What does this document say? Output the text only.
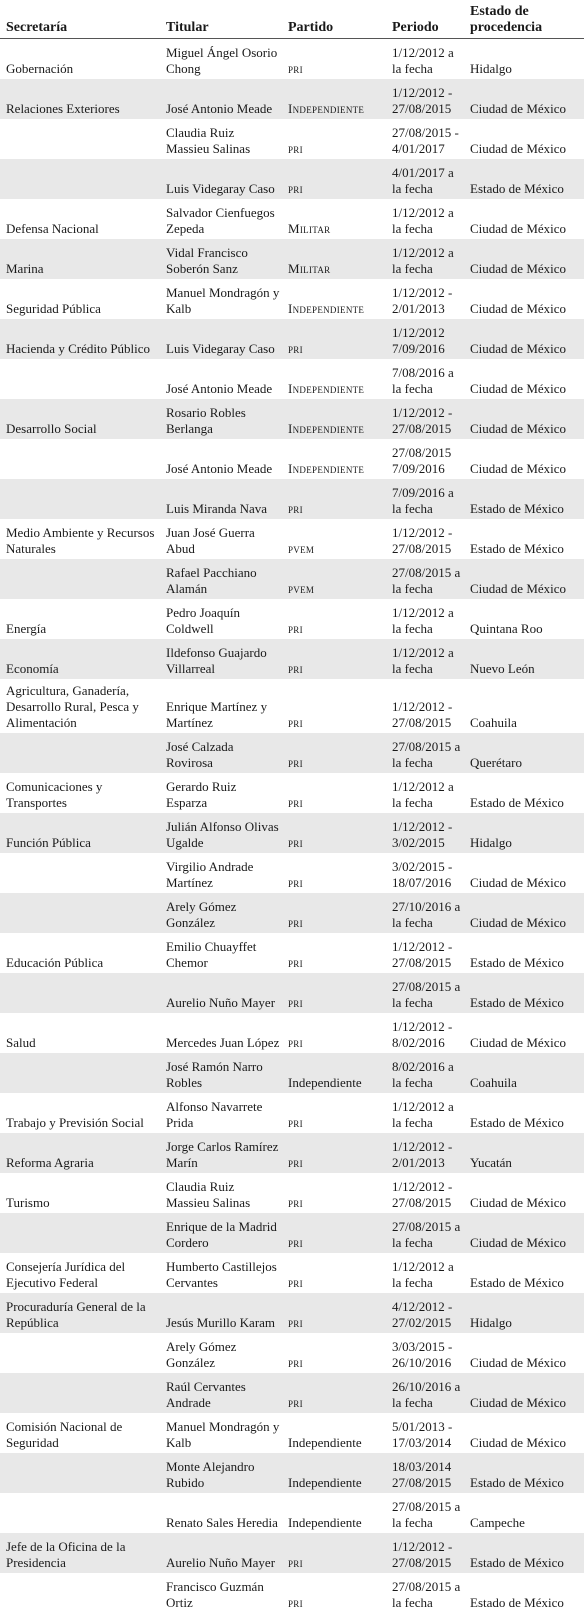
Secretaría	Titular	Partido	Periodo	Estado de procedencia
Gobernación	Miguel Ángel Osorio Chong	pri	1/12/2012 a la fecha	Hidalgo
Relaciones Exteriores	José Antonio Meade	Independiente	1/12/2012 - 27/08/2015	Ciudad de México
	Claudia Ruiz Massieu Salinas	pri	27/08/2015 - 4/01/2017	Ciudad de México
	Luis Videgaray Caso	pri	4/01/2017 a la fecha	Estado de México
Defensa Nacional	Salvador Cienfuegos Zepeda	Militar	1/12/2012 a la fecha	Ciudad de México
Marina	Vidal Francisco Soberón Sanz	Militar	1/12/2012 a la fecha	Ciudad de México
Seguridad Pública	Manuel Mondragón y Kalb	Independiente	1/12/2012 - 2/01/2013	Ciudad de México
Hacienda y Crédito Público	Luis Videgaray Caso	pri	1/12/2012 7/09/2016	Ciudad de México
	José Antonio Meade	Independiente	7/08/2016 a la fecha	Ciudad de México
Desarrollo Social	Rosario Robles Berlanga	Independiente	1/12/2012 - 27/08/2015	Ciudad de México
	José Antonio Meade	Independiente	27/08/2015 7/09/2016	Ciudad de México
	Luis Miranda Nava	pri	7/09/2016 a la fecha	Estado de México
Medio Ambiente y Recursos Naturales	Juan José Guerra Abud	pvem	1/12/2012 - 27/08/2015	Estado de México
	Rafael Pacchiano Alamán	pvem	27/08/2015 a la fecha	Ciudad de México
Energía	Pedro Joaquín Coldwell	pri	1/12/2012 a la fecha	Quintana Roo
Economía	Ildefonso Guajardo Villarreal	pri	1/12/2012 a la fecha	Nuevo León
Agricultura, Ganadería, Desarrollo Rural, Pesca y Alimentación	Enrique Martínez y Martínez	pri	1/12/2012 - 27/08/2015	Coahuila
	José Calzada Rovirosa	pri	27/08/2015 a la fecha	Querétaro
Comunicaciones y Transportes	Gerardo Ruiz Esparza	pri	1/12/2012 a la fecha	Estado de México
Función Pública	Julián Alfonso Olivas Ugalde	pri	1/12/2012 - 3/02/2015	Hidalgo
	Virgilio Andrade Martínez	pri	3/02/2015 - 18/07/2016	Ciudad de México
	Arely Gómez González	pri	27/10/2016 a la fecha	Ciudad de México
Educación Pública	Emilio Chuayffet Chemor	pri	1/12/2012 - 27/08/2015	Estado de México
	Aurelio Nuño Mayer	pri	27/08/2015 a la fecha	Estado de México
Salud	Mercedes Juan López	pri	1/12/2012 - 8/02/2016	Ciudad de México
	José Ramón Narro Robles	Independiente	8/02/2016 a la fecha	Coahuila
Trabajo y Previsión Social	Alfonso Navarrete Prida	pri	1/12/2012 a la fecha	Estado de México
Reforma Agraria	Jorge Carlos Ramírez Marín	pri	1/12/2012 - 2/01/2013	Yucatán
Turismo	Claudia Ruiz Massieu Salinas	pri	1/12/2012 - 27/08/2015	Ciudad de México
	Enrique de la Madrid Cordero	pri	27/08/2015 a la fecha	Ciudad de México
Consejería Jurídica del Ejecutivo Federal	Humberto Castillejos Cervantes	pri	1/12/2012 a la fecha	Estado de México
Procuraduría General de la República	Jesús Murillo Karam	pri	4/12/2012 - 27/02/2015	Hidalgo
	Arely Gómez González	pri	3/03/2015 - 26/10/2016	Ciudad de México
	Raúl Cervantes Andrade	pri	26/10/2016 a la fecha	Ciudad de México
Comisión Nacional de Seguridad	Manuel Mondragón y Kalb	Independiente	5/01/2013 - 17/03/2014	Ciudad de México
	Monte Alejandro Rubido	Independiente	18/03/2014 27/08/2015	Estado de México
	Renato Sales Heredia	Independiente	27/08/2015 a la fecha	Campeche
Jefe de la Oficina de la Presidencia	Aurelio Nuño Mayer	pri	1/12/2012 - 27/08/2015	Estado de México
	Francisco Guzmán Ortiz	pri	27/08/2015 a la fecha	Estado de México
